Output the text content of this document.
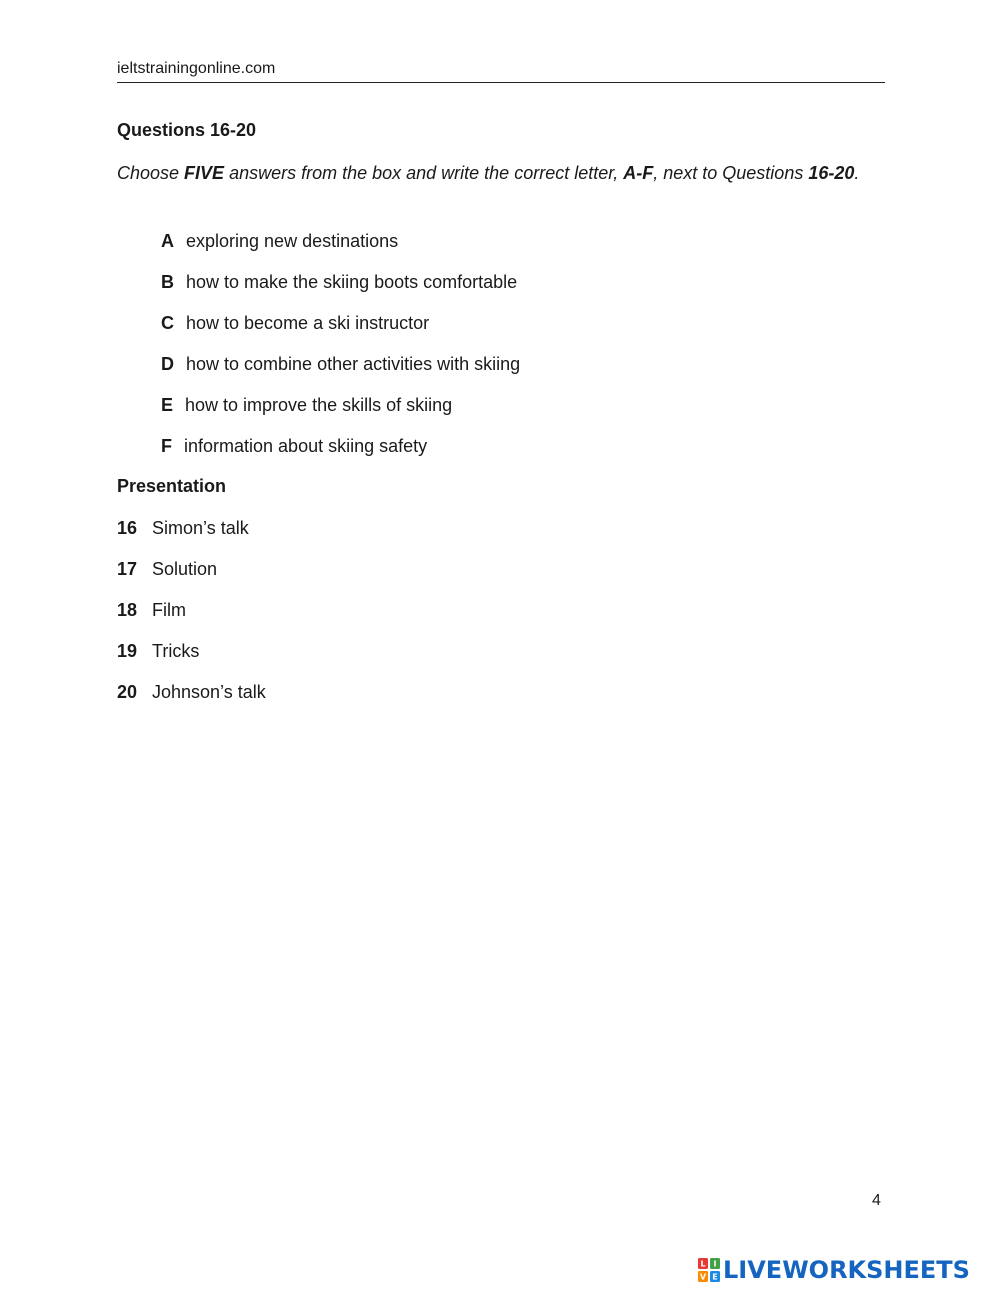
ieltstrainingonline.com
Questions 16-20
Choose FIVE answers from the box and write the correct letter, A-F, next to Questions 16-20.
A exploring new destinations
B how to make the skiing boots comfortable
C how to become a ski instructor
D how to combine other activities with skiing
E how to improve the skills of skiing
F information about skiing safety
Presentation
16 Simon’s talk
17 Solution
18 Film
19 Tricks
20 Johnson’s talk
4
L I
V E LIVEWORKSHEETS
